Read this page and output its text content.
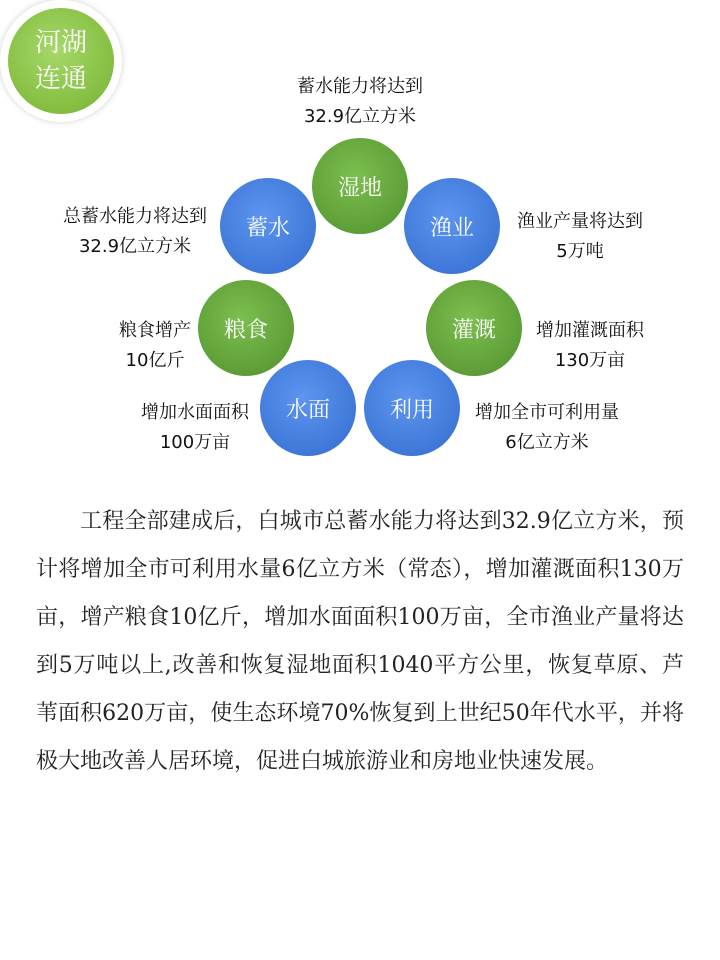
蓄水能力将达到
32.9亿立方米
渔业产量将达到
5万吨
增加灌溉面积
130万亩
增加全市可利用量
6亿立方米
增加水面面积
100万亩
粮食增产
10亿斤
总蓄水能力将达到
32.9亿立方米
湿地
渔业
灌溉
利用
水面
粮食
蓄水
河湖
连通

工程全部建成后，白城市总蓄水能力将达到32.9亿立方米，预计将增加全市可利用水量6亿立方米（常态），增加灌溉面积130万亩，增产粮食10亿斤，增加水面面积100万亩，全市渔业产量将达到5万吨以上,改善和恢复湿地面积1040平方公里，恢复草原、芦苇面积620万亩，使生态环境70%恢复到上世纪50年代水平，并将极大地改善人居环境，促进白城旅游业和房地业快速发展。
